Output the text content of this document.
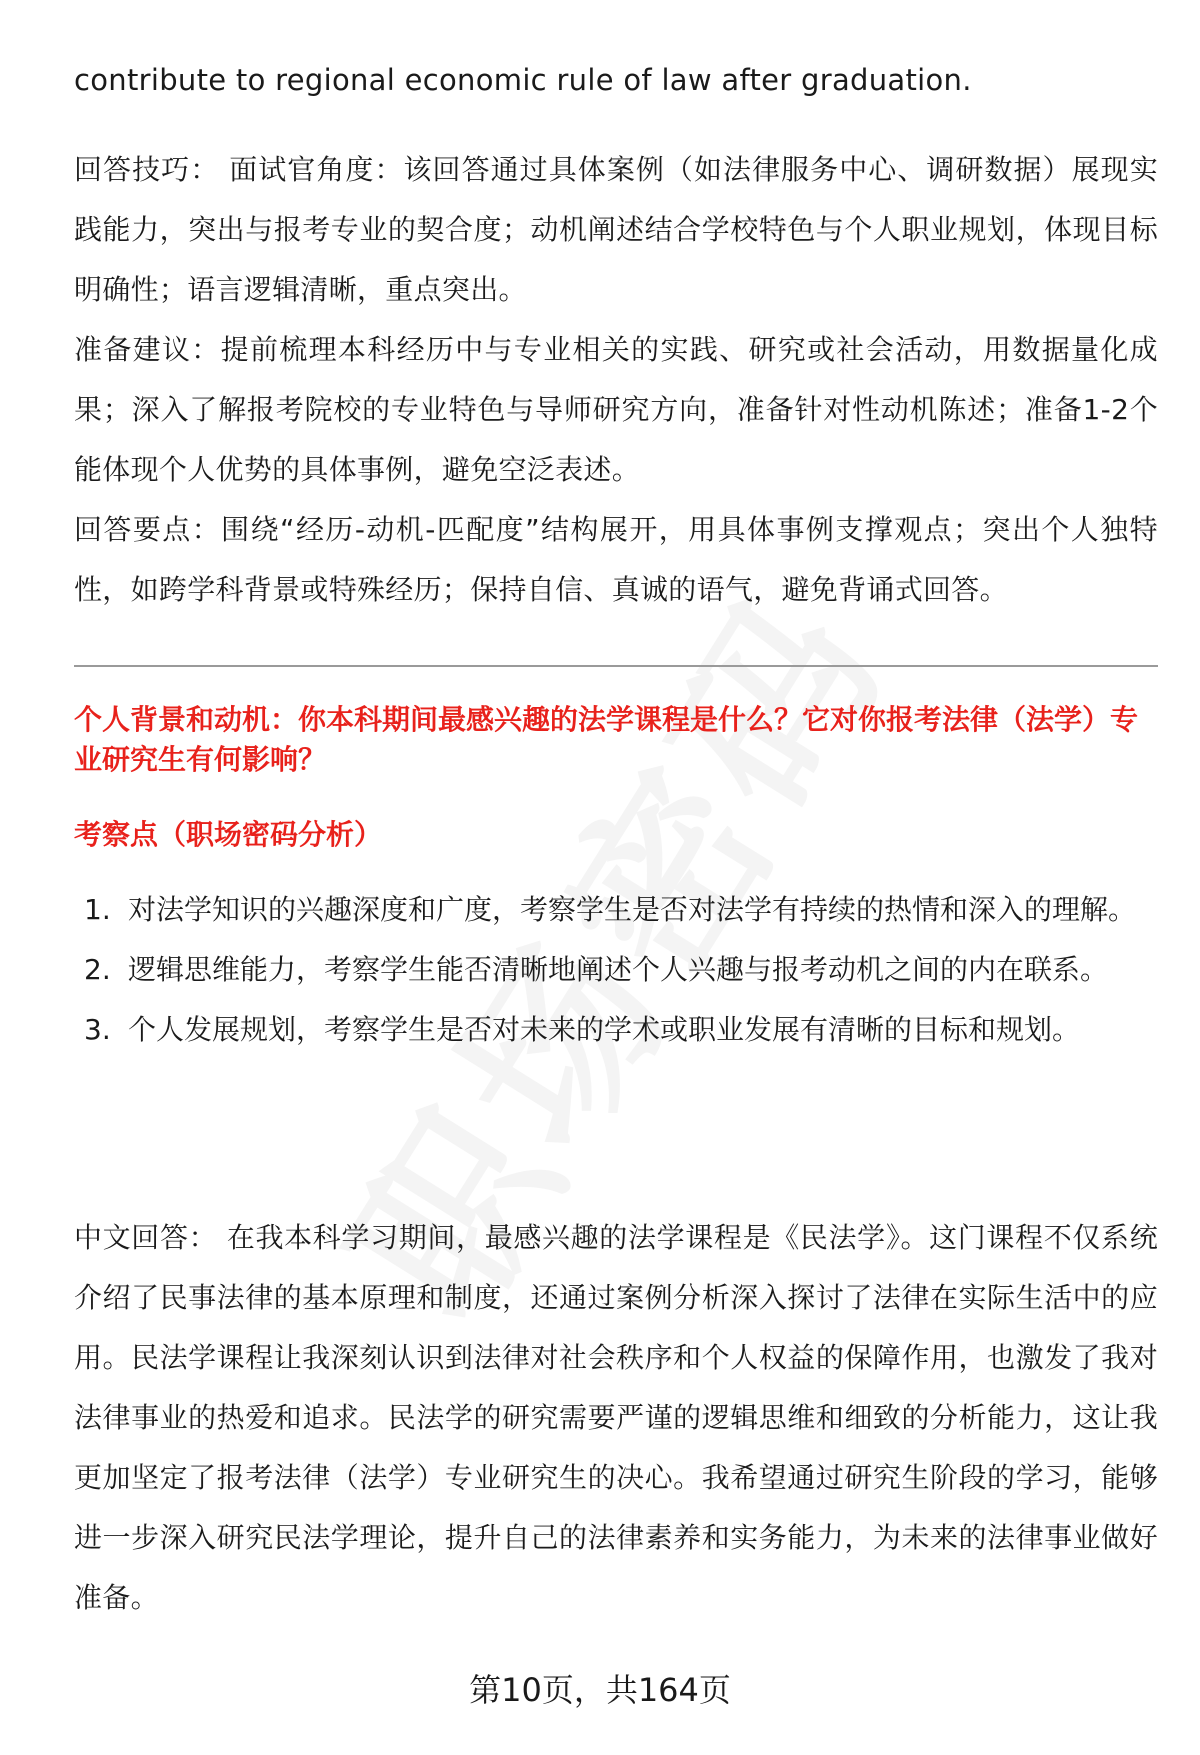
contribute to regional economic rule of law after graduation.

回答技巧： 面试官角度：该回答通过具体案例（如法律服务中心、调研数据）展现实践能力，突出与报考专业的契合度；动机阐述结合学校特色与个人职业规划，体现目标明确性；语言逻辑清晰，重点突出。

准备建议：提前梳理本科经历中与专业相关的实践、研究或社会活动，用数据量化成果；深入了解报考院校的专业特色与导师研究方向，准备针对性动机陈述；准备1-2个能体现个人优势的具体事例，避免空泛表述。

回答要点：围绕“经历-动机-匹配度”结构展开，用具体事例支撑观点；突出个人独特性，如跨学科背景或特殊经历；保持自信、真诚的语气，避免背诵式回答。

个人背景和动机：你本科期间最感兴趣的法学课程是什么？它对你报考法律（法学）专业研究生有何影响？

考察点（职场密码分析）

1. 对法学知识的兴趣深度和广度，考察学生是否对法学有持续的热情和深入的理解。
2. 逻辑思维能力，考察学生能否清晰地阐述个人兴趣与报考动机之间的内在联系。
3. 个人发展规划，考察学生是否对未来的学术或职业发展有清晰的目标和规划。

中文回答： 在我本科学习期间，最感兴趣的法学课程是《民法学》。这门课程不仅系统介绍了民事法律的基本原理和制度，还通过案例分析深入探讨了法律在实际生活中的应用。民法学课程让我深刻认识到法律对社会秩序和个人权益的保障作用，也激发了我对法律事业的热爱和追求。民法学的研究需要严谨的逻辑思维和细致的分析能力，这让我更加坚定了报考法律（法学）专业研究生的决心。我希望通过研究生阶段的学习，能够进一步深入研究民法学理论，提升自己的法律素养和实务能力，为未来的法律事业做好准备。

第10页，共164页
